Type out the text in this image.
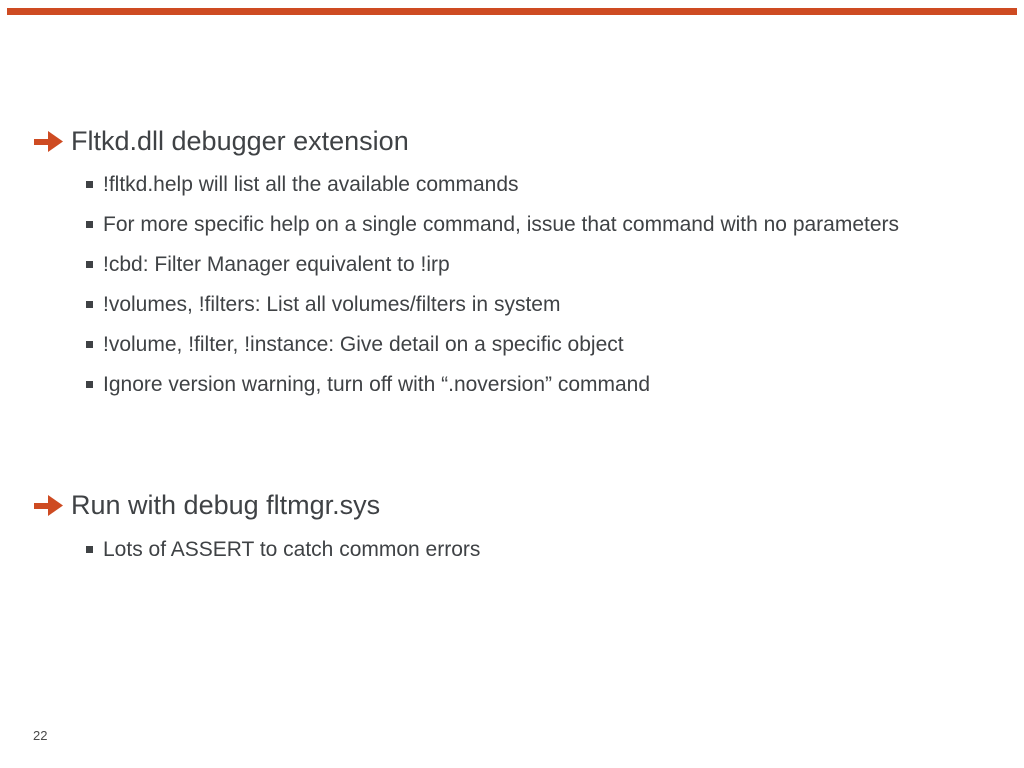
Fltkd.dll debugger extension
!fltkd.help will list all the available commands
For more specific help on a single command, issue that command with no parameters
!cbd: Filter Manager equivalent to !irp
!volumes, !filters: List all volumes/filters in system
!volume, !filter, !instance: Give detail on a specific object
Ignore version warning, turn off with “.noversion” command
Run with debug fltmgr.sys
Lots of ASSERT to catch common errors
22
